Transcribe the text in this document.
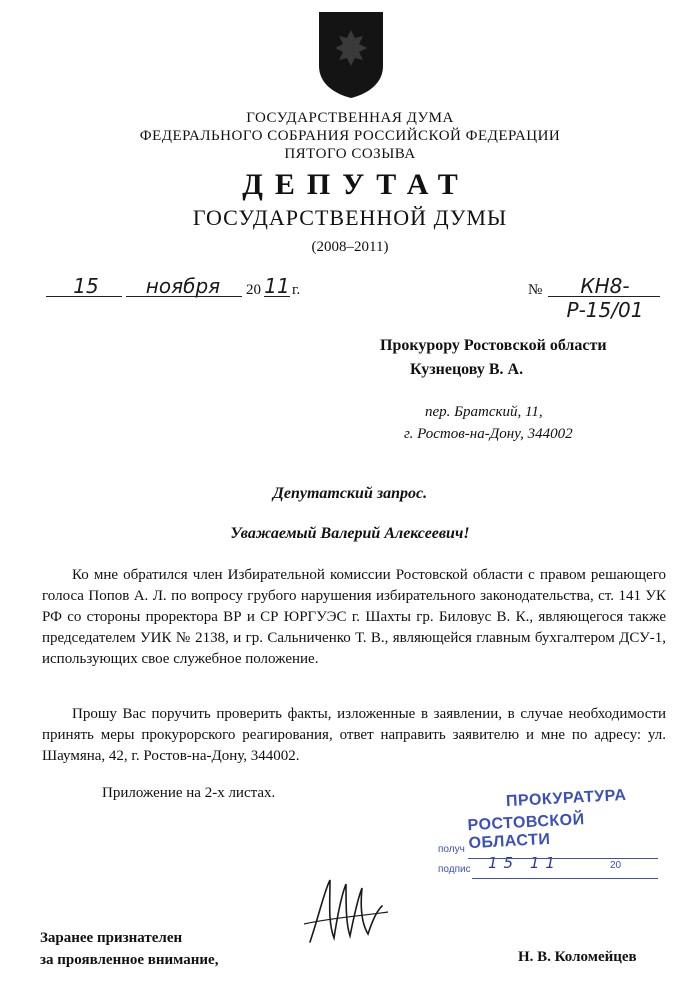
ГОСУДАРСТВЕННАЯ ДУМА
ФЕДЕРАЛЬНОГО СОБРАНИЯ РОССИЙСКОЙ ФЕДЕРАЦИИ
ПЯТОГО СОЗЫВА
ДЕПУТАТ
ГОСУДАРСТВЕННОЙ ДУМЫ
(2008–2011)
15	ноября	20 11 г.	№	КН8-Р-15/01
Прокурору Ростовской области
Кузнецову В. А.
пер. Братский, 11,
г. Ростов-на-Дону, 344002
Депутатский запрос.
Уважаемый Валерий Алексеевич!

Ко мне обратился член Избирательной комиссии Ростовской области с правом решающего голоса Попов А. Л. по вопросу грубого нарушения избирательного законодательства, ст. 141 УК РФ со стороны проректора ВР и СР ЮРГУЭС г. Шахты гр. Биловус В. К., являющегося также председателем УИК № 2138, и гр. Сальниченко Т. В., являющейся главным бухгалтером ДСУ-1, использующих свое служебное положение.

Прошу Вас поручить проверить факты, изложенные в заявлении, в случае необходимости принять меры прокурорского реагирования, ответ направить заявителю и мне по адресу: ул. Шаумяна, 42, г. Ростов-на-Дону, 344002.

Приложение на 2-х листах.	ПРОКУРАТУРА
РОСТОВСКОЙ ОБЛАСТИ
получ
подпис 15 11	20
Заранее признателен
за проявленное внимание,	Н. В. Коломейцев
